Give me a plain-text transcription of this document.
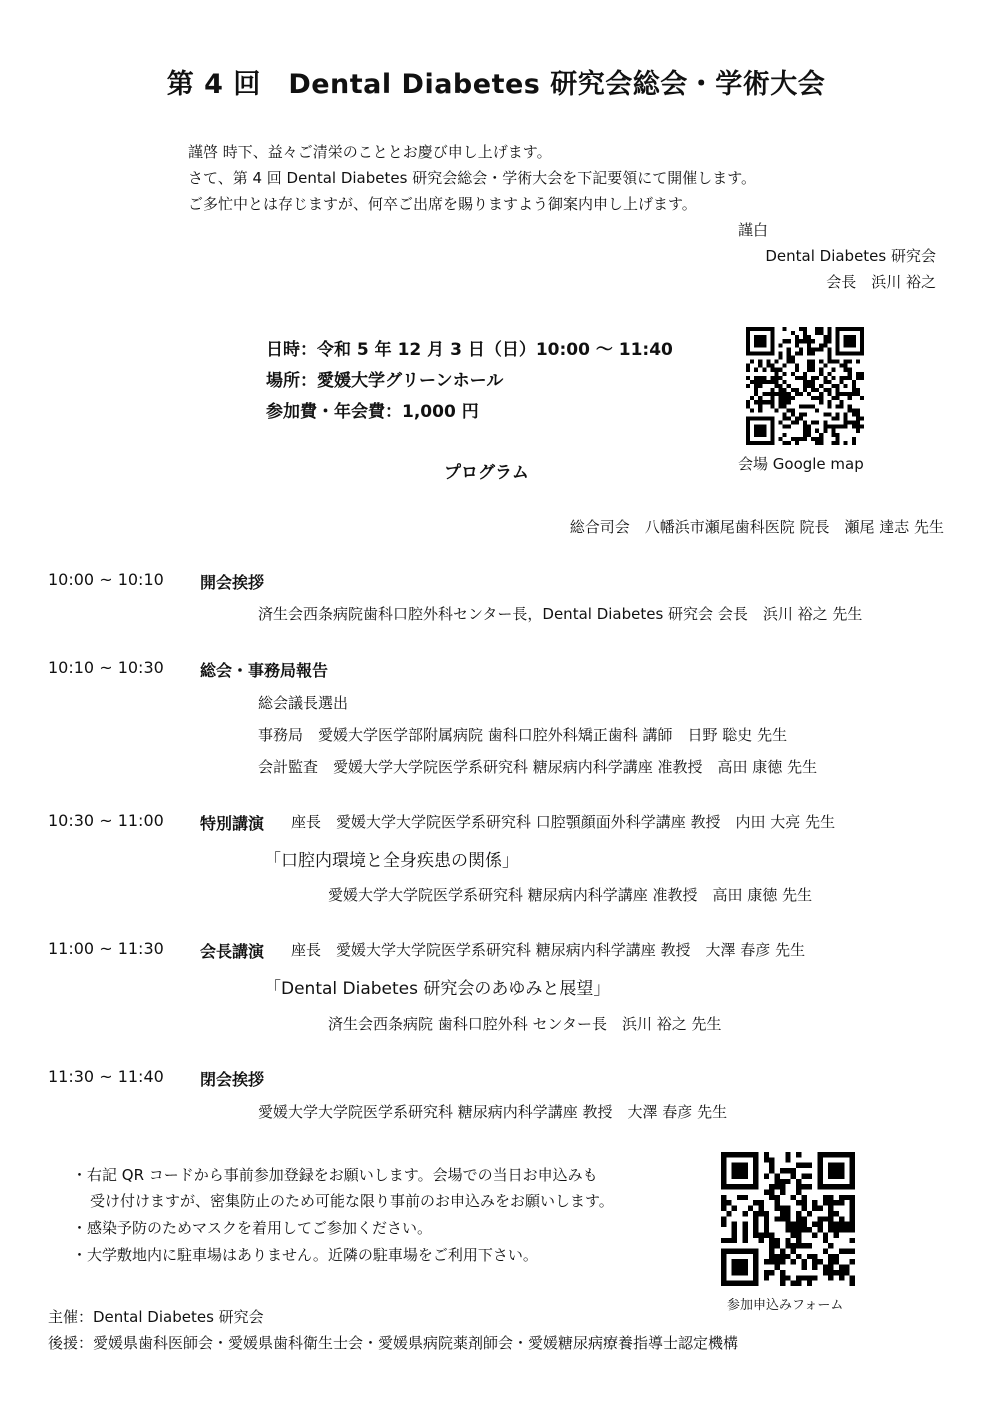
第 4 回　Dental Diabetes 研究会総会・学術大会
謹啓 時下、益々ご清栄のこととお慶び申し上げます。
さて、第 4 回 Dental Diabetes 研究会総会・学術大会を下記要領にて開催します。
ご多忙中とは存じますが、何卒ご出席を賜りますよう御案内申し上げます。
謹白
Dental Diabetes 研究会
会長　浜川 裕之
日時：令和 5 年 12 月 3 日（日）10:00 ～ 11:40
場所：愛媛大学グリーンホール
参加費・年会費：1,000 円
会場 Google map
プログラム
総合司会　八幡浜市瀬尾歯科医院 院長　瀬尾 達志 先生
10:00 ~ 10:10 開会挨拶
済生会西条病院歯科口腔外科センター長，Dental Diabetes 研究会 会長　浜川 裕之 先生
10:10 ~ 10:30 総会・事務局報告
総会議長選出
事務局　愛媛大学医学部附属病院 歯科口腔外科矯正歯科 講師　日野 聡史 先生
会計監査　愛媛大学大学院医学系研究科 糖尿病内科学講座 准教授　高田 康徳 先生
10:30 ~ 11:00 特別講演 座長　愛媛大学大学院医学系研究科 口腔顎顔面外科学講座 教授　内田 大亮 先生
「口腔内環境と全身疾患の関係」
愛媛大学大学院医学系研究科 糖尿病内科学講座 准教授　高田 康徳 先生
11:00 ~ 11:30 会長講演 座長　愛媛大学大学院医学系研究科 糖尿病内科学講座 教授　大澤 春彦 先生
「Dental Diabetes 研究会のあゆみと展望」
済生会西条病院 歯科口腔外科 センター長　浜川 裕之 先生
11:30 ~ 11:40 閉会挨拶
愛媛大学大学院医学系研究科 糖尿病内科学講座 教授　大澤 春彦 先生
・右記 QR コードから事前参加登録をお願いします。会場での当日お申込みも
受け付けますが、密集防止のため可能な限り事前のお申込みをお願いします。
・感染予防のためマスクを着用してご参加ください。
・大学敷地内に駐車場はありません。近隣の駐車場をご利用下さい。
参加申込みフォーム
主催：Dental Diabetes 研究会
後援：愛媛県歯科医師会・愛媛県歯科衛生士会・愛媛県病院薬剤師会・愛媛糖尿病療養指導士認定機構
